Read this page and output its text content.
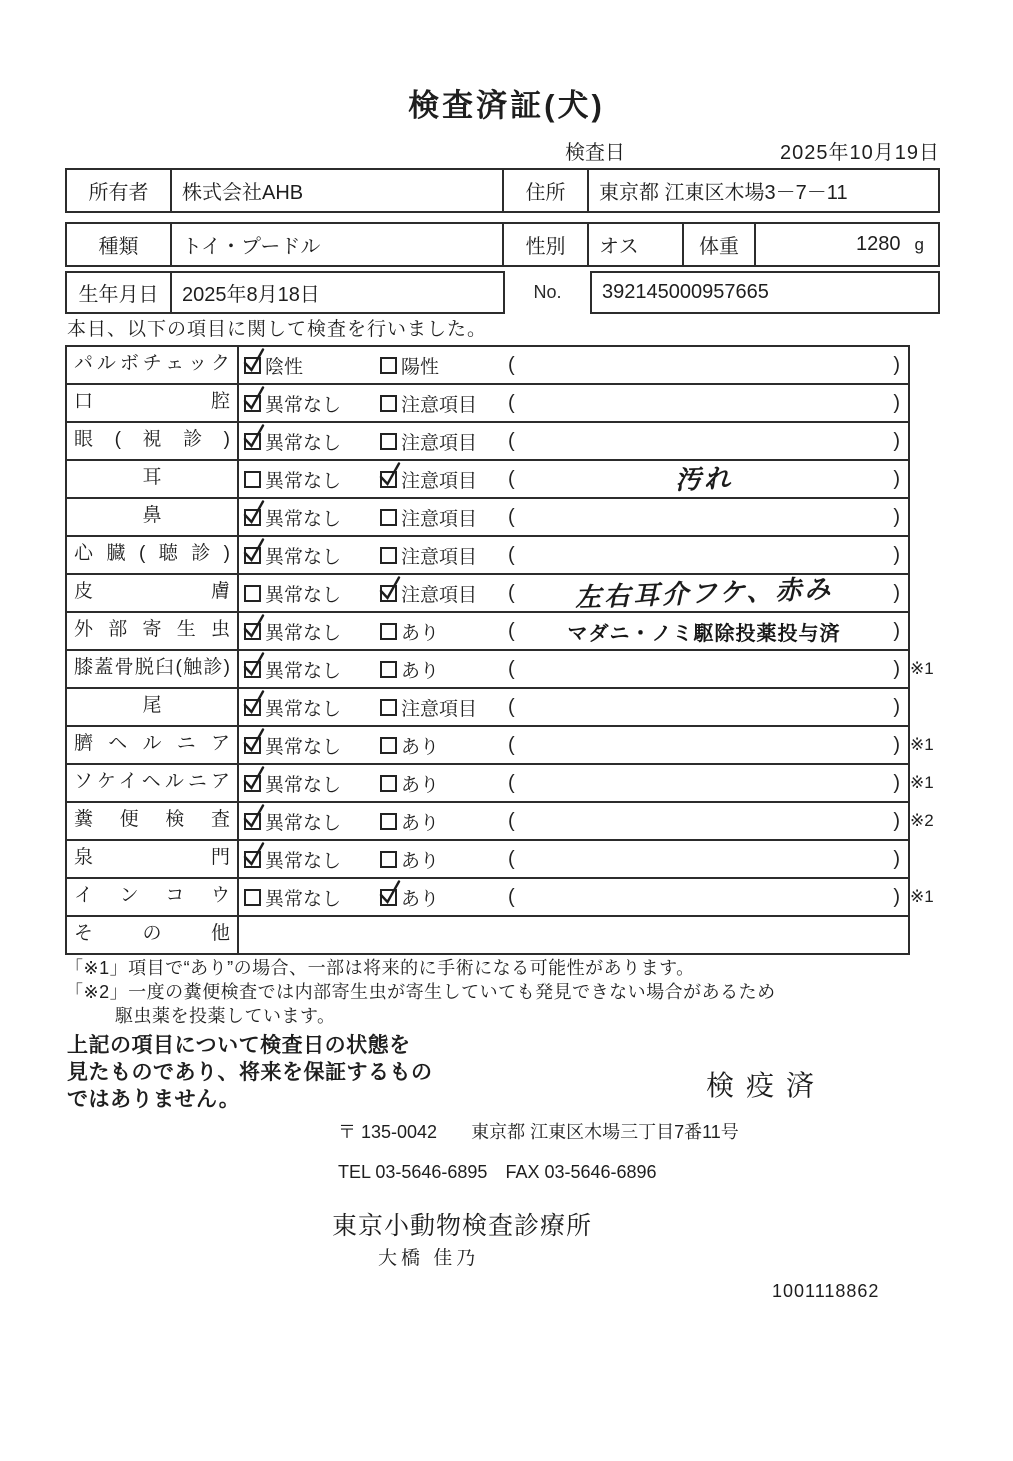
検査済証(犬)
検査日	2025年10月19日
所有者	株式会社AHB	住所	東京都 江東区木場3－7－11
種類	トイ・プードル	性別	オス	体重	1280 g
生年月日	2025年8月18日	No.	392145000957665
本日、以下の項目に関して検査を行いました。
パルボチェック	陰性	陽性	(	)
口腔	異常なし	注意項目 (	)
眼(視診)	異常なし	注意項目 (	)
耳	異常なし	注意項目 (	汚れ	)
鼻	異常なし	注意項目 (	)
心臓(聴診)	異常なし	注意項目 (	)
皮膚	異常なし	注意項目 (	左右耳介フケ、赤み	)
外部寄生虫	異常なし	あり	(	マダニ・ノミ駆除投薬投与済	)
膝蓋骨脱臼(触診)	異常なし	あり	(	) ※1
尾	異常なし	注意項目 (	)
臍ヘルニア	異常なし	あり	(	) ※1
ソケイヘルニア	異常なし	あり	(	) ※1
糞便検査	異常なし	あり	(	) ※2
泉門	異常なし	あり	(	)
インコウ	異常なし	あり	(	) ※1
その他
「※1」項目で“あり”の場合、一部は将来的に手術になる可能性があります。
「※2」一度の糞便検査では内部寄生虫が寄生していても発見できない場合があるため
駆虫薬を投薬しています。
上記の項目について検査日の状態を
見たものであり、将来を保証するもの
ではありません。	検疫済
〒 135-0042 東京都 江東区木場三丁目7番11号
TEL 03-5646-6895 FAX 03-5646-6896
東京小動物検査診療所
大橋 佳乃
1001118862
